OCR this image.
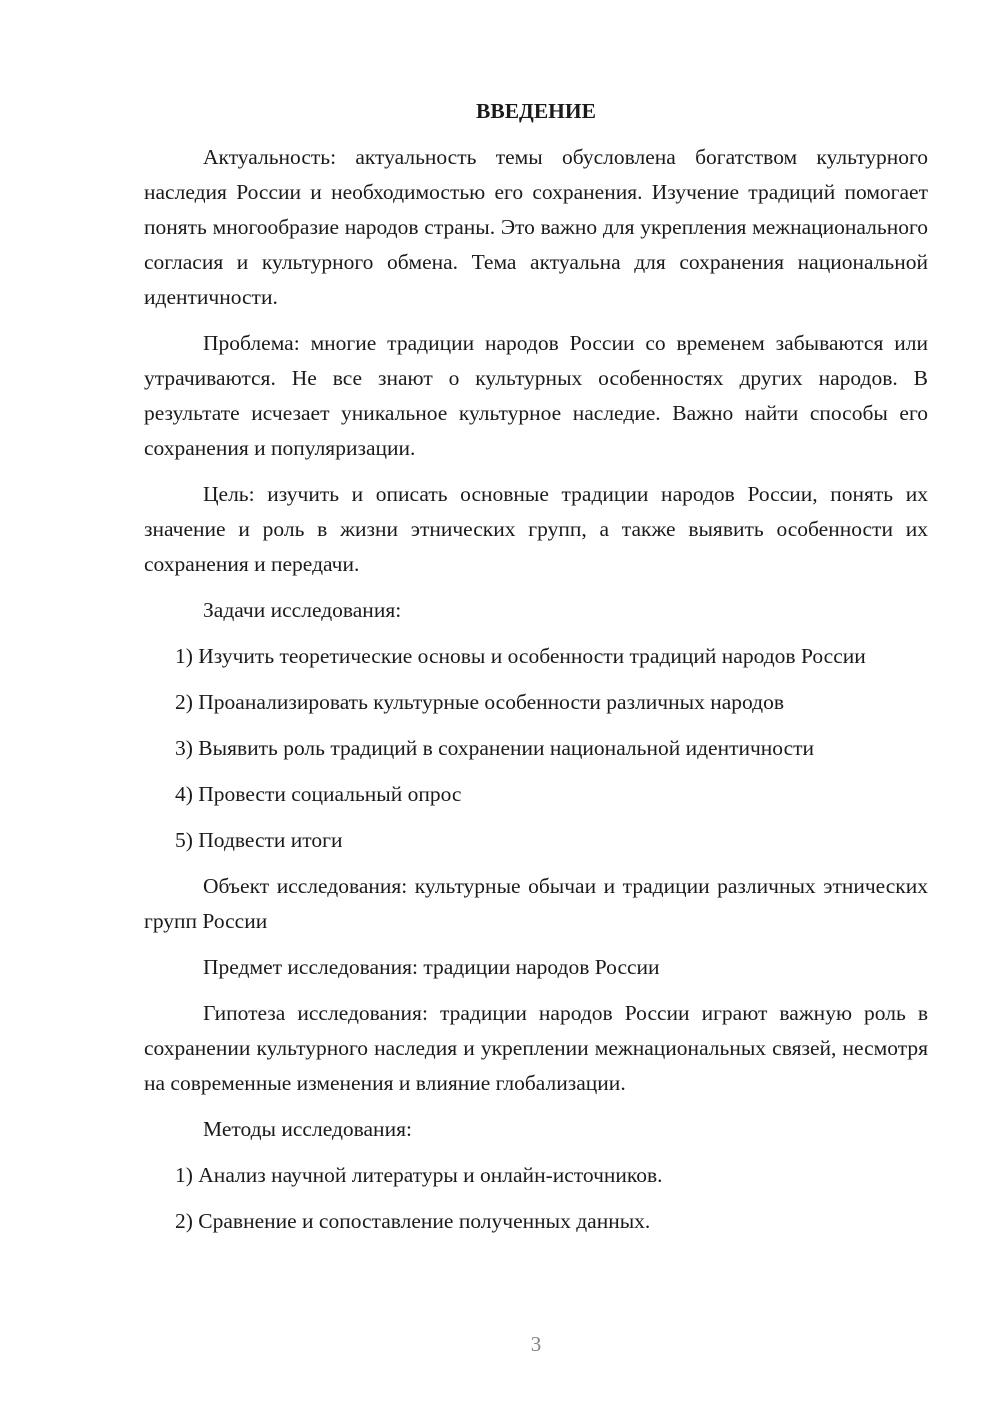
ВВЕДЕНИЕ

Актуальность: актуальность темы обусловлена богатством культурного наследия России и необходимостью его сохранения. Изучение традиций помогает понять многообразие народов страны. Это важно для укрепления межнационального согласия и культурного обмена. Тема актуальна для сохранения национальной идентичности.

Проблема: многие традиции народов России со временем забываются или утрачиваются. Не все знают о культурных особенностях других народов. В результате исчезает уникальное культурное наследие. Важно найти способы его сохранения и популяризации.

Цель: изучить и описать основные традиции народов России, понять их значение и роль в жизни этнических групп, а также выявить особенности их сохранения и передачи.

Задачи исследования:

1) Изучить теоретические основы и особенности традиций народов России

2) Проанализировать культурные особенности различных народов

3) Выявить роль традиций в сохранении национальной идентичности

4) Провести социальный опрос

5) Подвести итоги

Объект исследования: культурные обычаи и традиции различных этнических групп России

Предмет исследования: традиции народов России

Гипотеза исследования: традиции народов России играют важную роль в сохранении культурного наследия и укреплении межнациональных связей, несмотря на современные изменения и влияние глобализации.

Методы исследования:

1) Анализ научной литературы и онлайн-источников.

2) Сравнение и сопоставление полученных данных.

3
